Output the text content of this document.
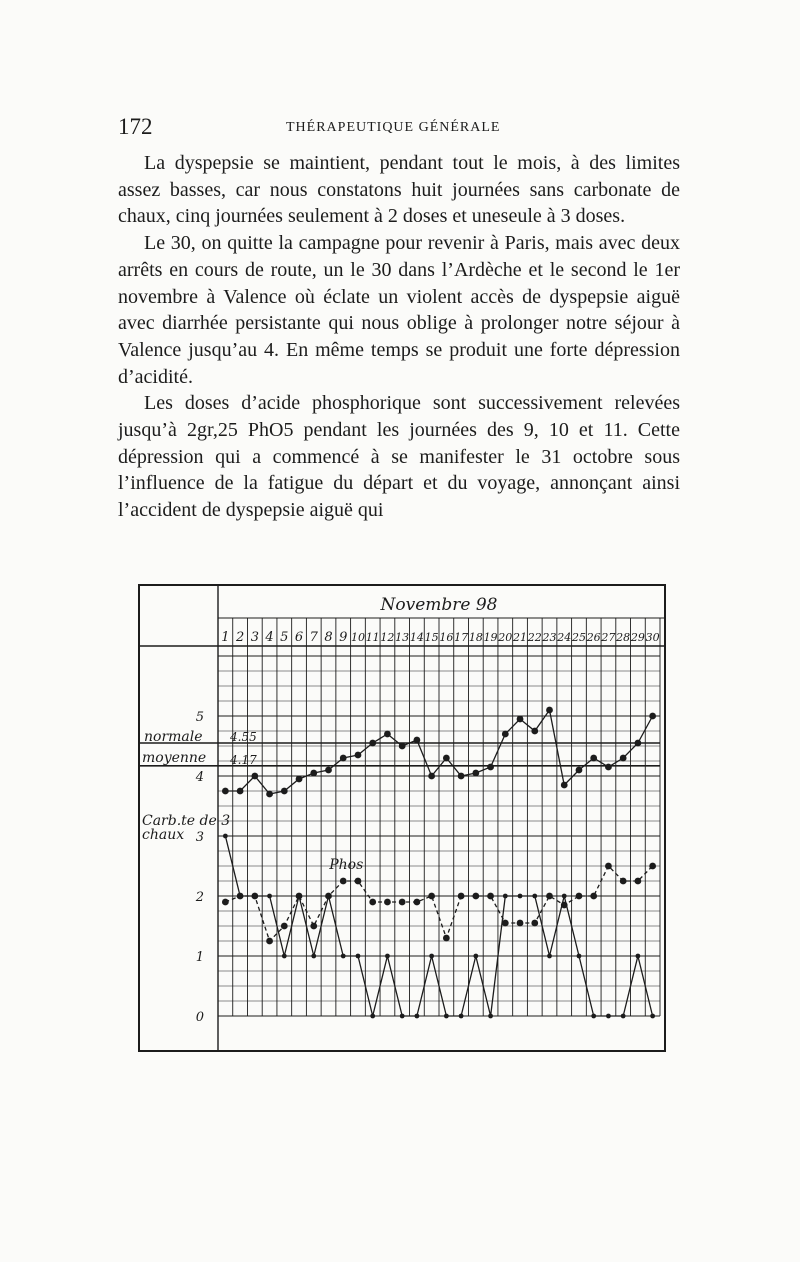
172	THÉRAPEUTIQUE GÉNÉRALE

La dyspepsie se maintient, pendant tout le mois, à des limites assez basses, car nous constatons huit journées sans carbonate de chaux, cinq journées seulement à 2 doses et uneseule à 3 doses.

Le 30, on quitte la campagne pour revenir à Paris, mais avec deux arrêts en cours de route, un le 30 dans l’Ardèche et le second le 1er novembre à Valence où éclate un violent accès de dyspepsie aiguë avec diarrhée persistante qui nous oblige à prolonger notre séjour à Valence jusqu’au 4. En même temps se produit une forte dépression d’acidité.

Les doses d’acide phosphorique sont successivement relevées jusqu’à 2gr,25 PhO5 pendant les journées des 9, 10 et 11. Cette dépression qui a commencé à se manifester le 31 octobre sous l’influence de la fatigue du départ et du voyage, annonçant ainsi l’accident de dyspepsie aiguë qui

4.55
4.17
Novembre 98
1 2 3 4 5 6 7 8 9 10 11 12 13 14 15 16 17 18 19 20 21 22 23 24 25 26 27 28 29 30
5
4
3
2
1
0
normale
moyenne
Carb.te de 3
chaux
Phos
